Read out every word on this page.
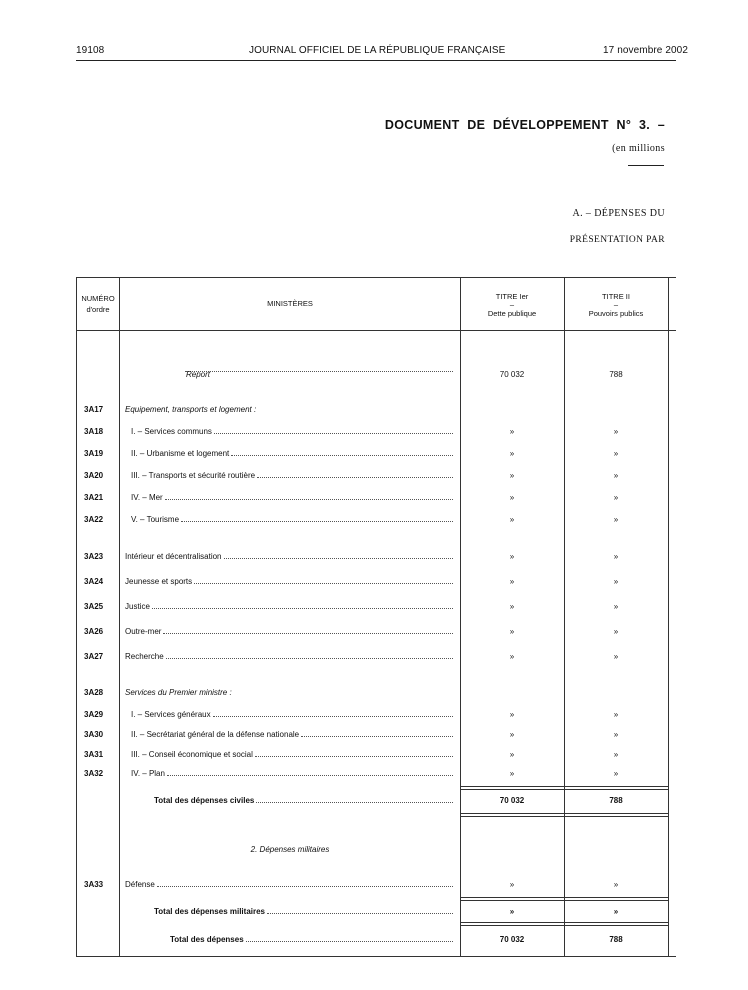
19108	JOURNAL OFFICIEL DE LA RÉPUBLIQUE FRANÇAISE	17 novembre 2002
DOCUMENT DE DÉVELOPPEMENT N° 3. –
(en millions
A. – DÉPENSES DU
PRÉSENTATION PAR
NUMÉRO d'ordre
MINISTÈRES
TITRE Ier
–
Dette publique
TITRE II
–
Pouvoirs publics
Report	70 032	788
3A17	Equipement, transports et logement :
3A18	I. – Services communs	»	»
3A19	II. – Urbanisme et logement	»	»
3A20	III. – Transports et sécurité routière	»	»
3A21	IV. – Mer	»	»
3A22	V. – Tourisme	»	»
3A23	Intérieur et décentralisation	»	»
3A24	Jeunesse et sports	»	»
3A25	Justice	»	»
3A26	Outre-mer	»	»
3A27	Recherche	»	»
3A28	Services du Premier ministre :
3A29	I. – Services généraux	»	»
3A30	II. – Secrétariat général de la défense nationale	»	»
3A31	III. – Conseil économique et social	»	»
3A32	IV. – Plan	»	»
Total des dépenses civiles	70 032	788
2. Dépenses militaires
3A33	Défense	»	»
Total des dépenses militaires	»	»
Total des dépenses	70 032	788
